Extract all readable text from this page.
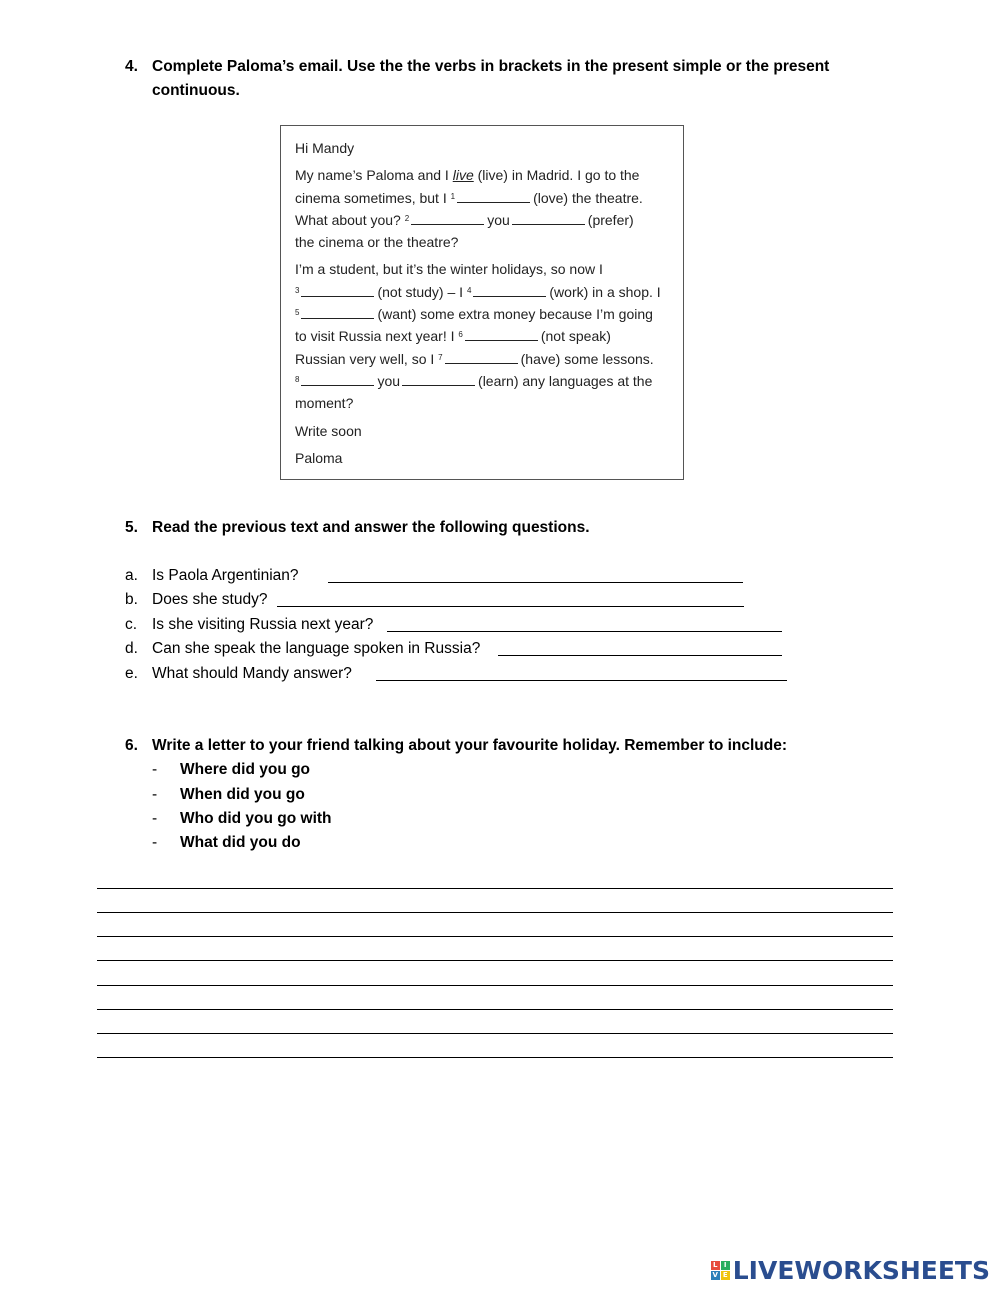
4. Complete Paloma’s email. Use the the verbs in brackets in the present simple or the present continuous.

Hi Mandy

My name’s Paloma and I live (live) in Madrid. I go to the
cinema sometimes, but I $^1$	(love) the theatre.
What about you? $^2$	you	(prefer)
the cinema or the theatre?

I’m a student, but it’s the winter holidays, so now I
$^3$	(not study) – I $^4$	(work) in a shop. I
$^5$	(want) some extra money because I’m going
to visit Russia next year! I $^6$	(not speak)
Russian very well, so I $^7$	(have) some lessons.
$^8$	you	(learn) any languages at the
moment?

Write soon

Paloma

5. Read the previous text and answer the following questions.
a. Is Paola Argentinian?
b. Does she study?
c. Is she visiting Russia next year?
d. Can she speak the language spoken in Russia?
e. What should Mandy answer?
6. Write a letter to your friend talking about your favourite holiday. Remember to include:
- Where did you go
- When did you go
- Who did you go with
- What did you do
L I
V E LIVEWORKSHEETS
